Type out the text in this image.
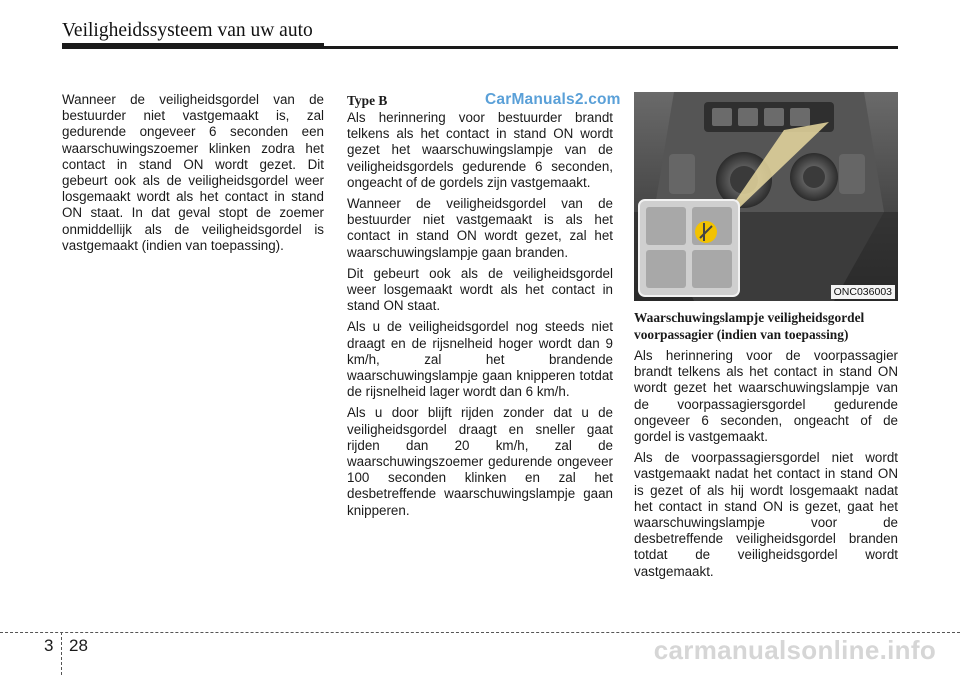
Veiligheidssysteem van uw auto

Wanneer de veiligheidsgordel van de bestuurder niet vastgemaakt is, zal gedurende ongeveer 6 seconden een waarschuwingszoemer klinken zodra het contact in stand ON wordt gezet. Dit gebeurt ook als de veiligheidsgordel weer losgemaakt wordt als het contact in stand ON staat. In dat geval stopt de zoemer onmiddellijk als de veiligheidsgordel is vastgemaakt (indien van toepassing).

Type B

Als herinnering voor bestuurder brandt telkens als het contact in stand ON wordt gezet het waarschuwingslampje van de veiligheidsgordels gedurende 6 seconden, ongeacht of de gordels zijn vastgemaakt.

Wanneer de veiligheidsgordel van de bestuurder niet vastgemaakt is als het contact in stand ON wordt gezet, zal het waarschuwingslampje gaan branden.

Dit gebeurt ook als de veiligheidsgordel weer losgemaakt wordt als het contact in stand ON staat.

Als u de veiligheidsgordel nog steeds niet draagt en de rijsnelheid hoger wordt dan 9 km/h, zal het brandende waarschuwingslampje gaan knipperen totdat de rijsnelheid lager wordt dan 6 km/h.

Als u door blijft rijden zonder dat u de veiligheidsgordel draagt en sneller gaat rijden dan 20 km/h, zal de waarschuwingszoemer gedurende ongeveer 100 seconden klinken en zal het desbetreffende waarschuwingslampje gaan knipperen.

CarManuals2.com
ONC036003
Waarschuwingslampje veiligheidsgordel
voorpassagier (indien van toepassing)

Als herinnering voor de voorpassagier brandt telkens als het contact in stand ON wordt gezet het waarschuwingslampje van de voorpassagiersgordel gedurende ongeveer 6 seconden, ongeacht of de gordel is vastgemaakt.

Als de voorpassagiersgordel niet wordt vastgemaakt nadat het contact in stand ON is gezet of als hij wordt losgemaakt nadat het contact in stand ON is gezet, gaat het waarschuwingslampje voor de desbetreffende veiligheidsgordel branden totdat de veiligheidsgordel wordt vastgemaakt.

3 28	carmanualsonline.info
